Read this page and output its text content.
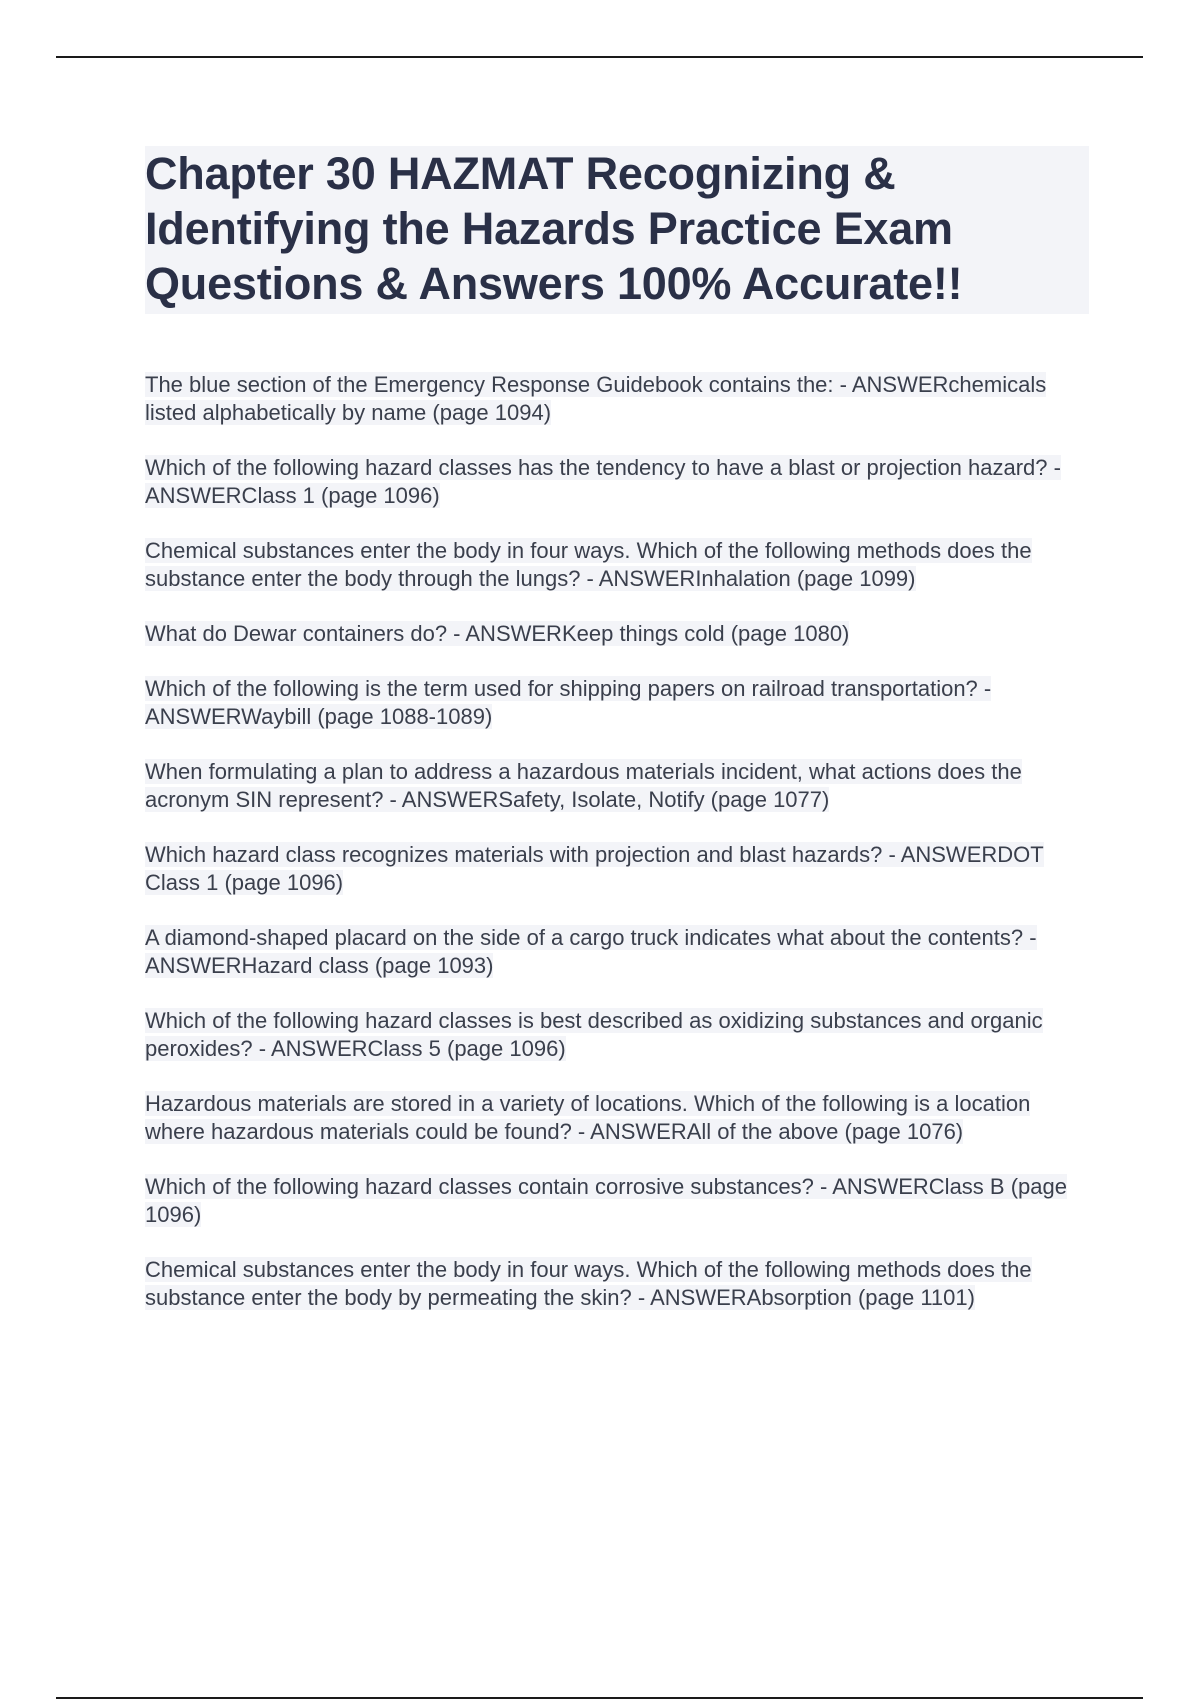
Chapter 30 HAZMAT Recognizing & Identifying the Hazards Practice Exam Questions & Answers 100% Accurate!!
The blue section of the Emergency Response Guidebook contains the: - ANSWERchemicals listed alphabetically by name (page 1094)
Which of the following hazard classes has the tendency to have a blast or projection hazard? - ANSWERClass 1 (page 1096)
Chemical substances enter the body in four ways. Which of the following methods does the substance enter the body through the lungs? - ANSWERInhalation (page 1099)
What do Dewar containers do? - ANSWERKeep things cold (page 1080)
Which of the following is the term used for shipping papers on railroad transportation? - ANSWERWaybill (page 1088-1089)
When formulating a plan to address a hazardous materials incident, what actions does the acronym SIN represent? - ANSWERSafety, Isolate, Notify (page 1077)
Which hazard class recognizes materials with projection and blast hazards? - ANSWERDOT Class 1 (page 1096)
A diamond-shaped placard on the side of a cargo truck indicates what about the contents? - ANSWERHazard class (page 1093)
Which of the following hazard classes is best described as oxidizing substances and organic peroxides? - ANSWERClass 5 (page 1096)
Hazardous materials are stored in a variety of locations. Which of the following is a location where hazardous materials could be found? - ANSWERAll of the above (page 1076)
Which of the following hazard classes contain corrosive substances? - ANSWERClass B (page 1096)
Chemical substances enter the body in four ways. Which of the following methods does the substance enter the body by permeating the skin? - ANSWERAbsorption (page 1101)
